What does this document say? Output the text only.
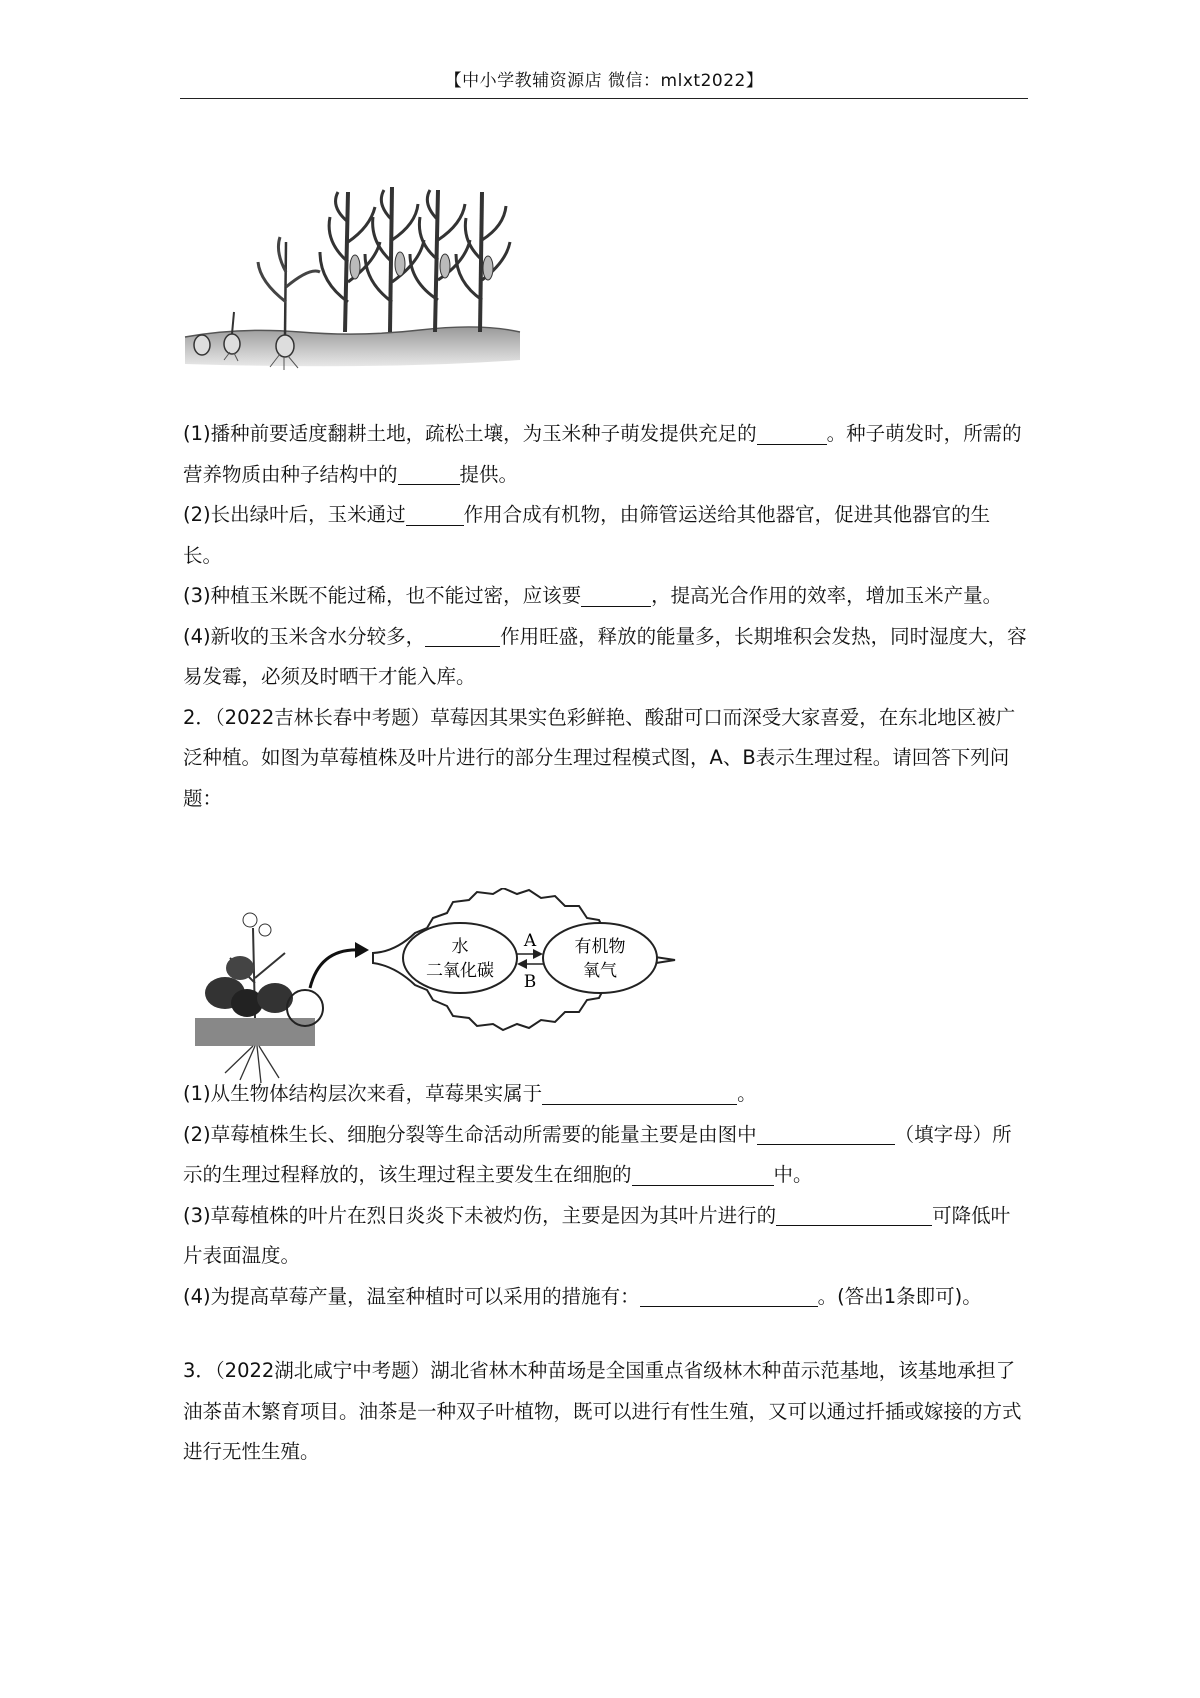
【中小学教辅资源店 微信：mlxt2022】
A
B
水
二氧化碳
有机物
氧气

(1)播种前要适度翻耕土地，疏松土壤，为玉米种子萌发提供充足的	。种子萌发时，所需的营养物质由种子结构中的	提供。

(2)长出绿叶后，玉米通过	作用合成有机物，由筛管运送给其他器官，促进其他器官的生长。

(3)种植玉米既不能过稀，也不能过密，应该要	，提高光合作用的效率，增加玉米产量。

(4)新收的玉米含水分较多，	作用旺盛，释放的能量多，长期堆积会发热，同时湿度大，容易发霉，必须及时晒干才能入库。

2．（2022吉林长春中考题）草莓因其果实色彩鲜艳、酸甜可口而深受大家喜爱，在东北地区被广泛种植。如图为草莓植株及叶片进行的部分生理过程模式图，A、B表示生理过程。请回答下列问题：

(1)从生物体结构层次来看，草莓果实属于	。

(2)草莓植株生长、细胞分裂等生命活动所需要的能量主要是由图中	（填字母）所示的生理过程释放的，该生理过程主要发生在细胞的	中。

(3)草莓植株的叶片在烈日炎炎下未被灼伤，主要是因为其叶片进行的	可降低叶片表面温度。

(4)为提高草莓产量，温室种植时可以采用的措施有：	。(答出1条即可)。

3．（2022湖北咸宁中考题）湖北省林木种苗场是全国重点省级林木种苗示范基地，该基地承担了油茶苗木繁育项目。油茶是一种双子叶植物，既可以进行有性生殖，又可以通过扦插或嫁接的方式进行无性生殖。
